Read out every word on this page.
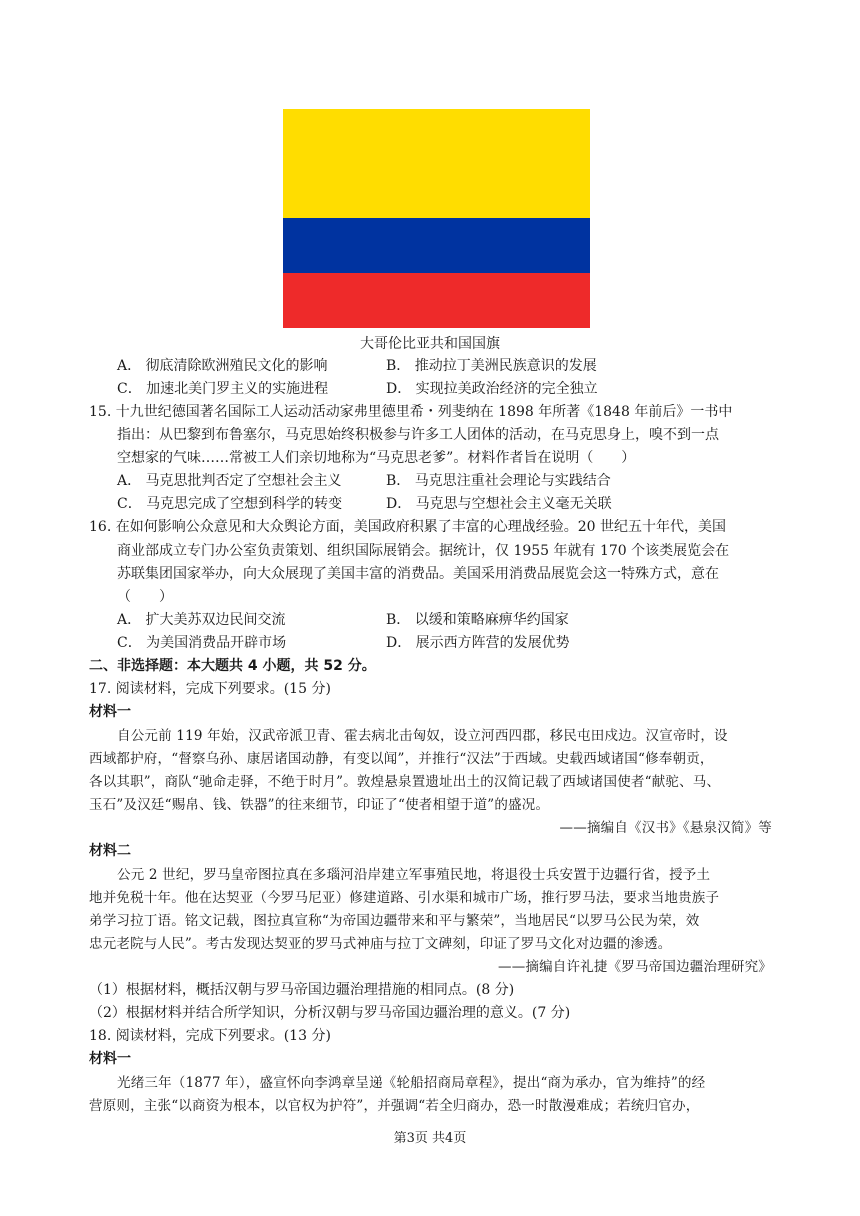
大哥伦比亚共和国国旗
A． 彻底清除欧洲殖民文化的影响	B． 推动拉丁美洲民族意识的发展
C． 加速北美门罗主义的实施进程	D． 实现拉美政治经济的完全独立
15. 十九世纪德国著名国际工人运动活动家弗里德里希・列斐纳在 1898 年所著《1848 年前后》一书中
指出：从巴黎到布鲁塞尔，马克思始终积极参与许多工人团体的活动，在马克思身上，嗅不到一点
空想家的气味……常被工人们亲切地称为“马克思老爹”。材料作者旨在说明（　　）
A． 马克思批判否定了空想社会主义	B． 马克思注重社会理论与实践结合
C． 马克思完成了空想到科学的转变	D． 马克思与空想社会主义毫无关联
16. 在如何影响公众意见和大众舆论方面，美国政府积累了丰富的心理战经验。20 世纪五十年代，美国
商业部成立专门办公室负责策划、组织国际展销会。据统计，仅 1955 年就有 170 个该类展览会在
苏联集团国家举办，向大众展现了美国丰富的消费品。美国采用消费品展览会这一特殊方式，意在
（　　）
A． 扩大美苏双边民间交流	B． 以缓和策略麻痹华约国家
C． 为美国消费品开辟市场	D． 展示西方阵营的发展优势
二、非选择题：本大题共 4 小题，共 52 分。
17. 阅读材料，完成下列要求。(15 分)
材料一
自公元前 119 年始，汉武帝派卫青、霍去病北击匈奴，设立河西四郡，移民屯田戍边。汉宣帝时，设
西域都护府，“督察乌孙、康居诸国动静，有变以闻”，并推行“汉法”于西域。史载西域诸国“修奉朝贡，
各以其职”，商队“驰命走驿，不绝于时月”。敦煌悬泉置遗址出土的汉简记载了西域诸国使者“献驼、马、
玉石”及汉廷“赐帛、钱、铁器”的往来细节，印证了“使者相望于道”的盛况。
——摘编自《汉书》《悬泉汉简》等
材料二
公元 2 世纪，罗马皇帝图拉真在多瑙河沿岸建立军事殖民地，将退役士兵安置于边疆行省，授予土
地并免税十年。他在达契亚（今罗马尼亚）修建道路、引水渠和城市广场，推行罗马法，要求当地贵族子
弟学习拉丁语。铭文记载，图拉真宣称“为帝国边疆带来和平与繁荣”，当地居民“以罗马公民为荣，效
忠元老院与人民”。考古发现达契亚的罗马式神庙与拉丁文碑刻，印证了罗马文化对边疆的渗透。
——摘编自许礼捷《罗马帝国边疆治理研究》
（1）根据材料，概括汉朝与罗马帝国边疆治理措施的相同点。(8 分)
（2）根据材料并结合所学知识，分析汉朝与罗马帝国边疆治理的意义。(7 分)
18. 阅读材料，完成下列要求。(13 分)
材料一
光绪三年（1877 年），盛宣怀向李鸿章呈递《轮船招商局章程》，提出“商为承办，官为维持”的经
营原则，主张“以商资为根本，以官权为护符”，并强调“若全归商办，恐一时散漫难成；若统归官办，
第3页 共4页
